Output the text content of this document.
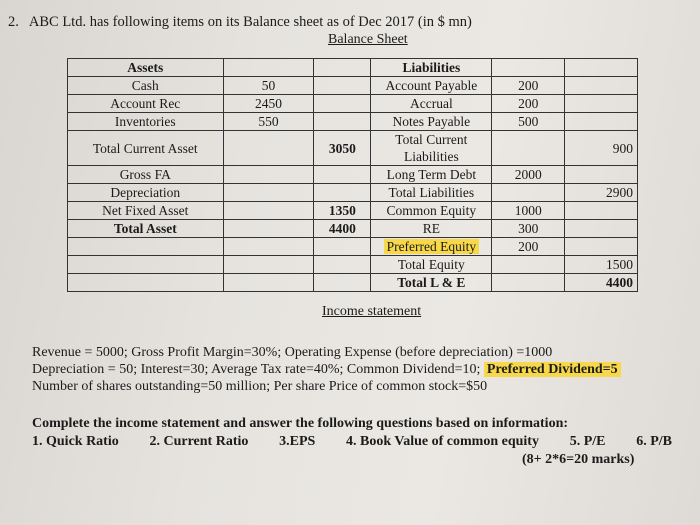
2. ABC Ltd. has following items on its Balance sheet as of Dec 2017 (in $ mn)
Balance Sheet
Assets			Liabilities		
Cash	50		Account Payable	200	
Account Rec	2450		Accrual	200	
Inventories	550		Notes Payable	500	
Total Current Asset		3050	Total Current Liabilities		900
Gross FA			Long Term Debt	2000	
Depreciation			Total Liabilities		2900
Net Fixed Asset		1350	Common Equity	1000	
Total Asset		4400	RE	300	
			Preferred Equity	200	
			Total Equity		1500
			Total L & E		4400
Income statement
Revenue = 5000; Gross Profit Margin=30%; Operating Expense (before depreciation) =1000
Depreciation = 50; Interest=30; Average Tax rate=40%; Common Dividend=10; Preferred Dividend=5
Number of shares outstanding=50 million; Per share Price of common stock=$50
Complete the income statement and answer the following questions based on information:
1. Quick Ratio 2. Current Ratio 3.EPS 4. Book Value of common equity 5. P/E 6. P/B
(8+ 2*6=20 marks)
